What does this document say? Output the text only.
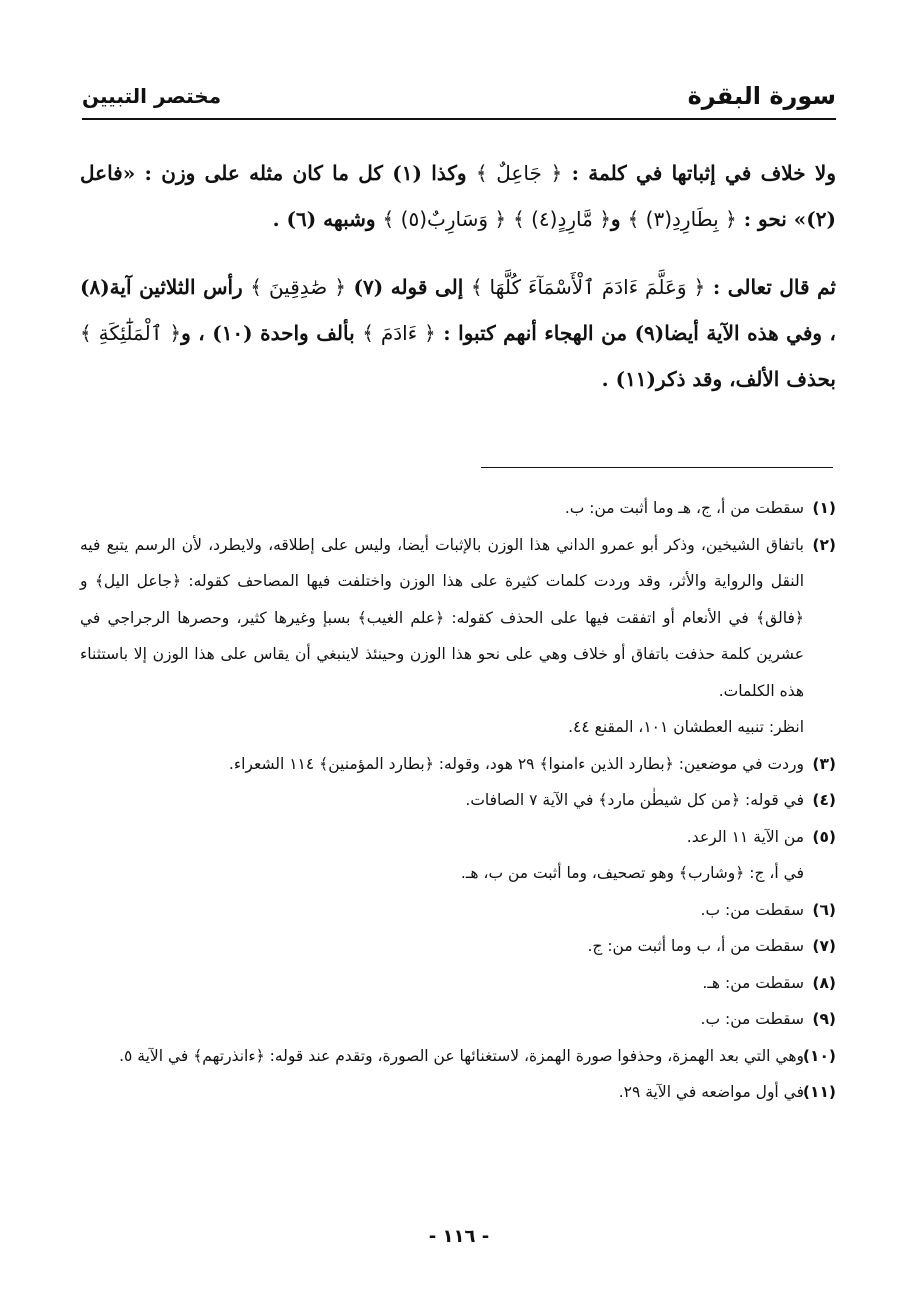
سورة البقرة
مختصر التبيين

ولا خلاف في إثباتها في كلمة : ﴿ جَاعِلٌ ﴾ وكذا (١) كل ما كان مثله على وزن : «فاعل (٢)» نحو : ﴿ بِطَارِدِ(٣) ﴾ و﴿ مَّارِدٍ(٤) ﴾ ﴿ وَسَارِبٌ(٥) ﴾ وشبهه (٦) .

ثم قال تعالى : ﴿ وَعَلَّمَ ءَادَمَ ٱلْأَسْمَآءَ كُلَّهَا ﴾ إلى قوله (٧) ﴿ صَٰدِقِينَ ﴾ رأس الثلاثين آية(٨) ، وفي هذه الآية أيضا(٩) من الهجاء أنهم كتبوا : ﴿ ءَادَمَ ﴾ بألف واحدة (١٠) ، و﴿ ٱلْمَلَٰٓئِكَةِ ﴾ بحذف الألف، وقد ذكر(١١) .

(١)
سقطت من أ، ج، هـ وما أثبت من: ب.
(٢)
باتفاق الشيخين، وذكر أبو عمرو الداني هذا الوزن بالإثبات أيضا، وليس على إطلاقه، ولايطرد، لأن الرسم يتبع فيه النقل والرواية والأثر، وقد وردت كلمات كثيرة على هذا الوزن واختلفت فيها المصاحف كقوله: ﴿جاعل اليل﴾ و ﴿فالق﴾ في الأنعام أو اتفقت فيها على الحذف كقوله: ﴿علم الغيب﴾ بسبإ وغيرها كثير، وحصرها الرجراجي في عشرين كلمة حذفت باتفاق أو خلاف وهي على نحو هذا الوزن وحينئذ لاينبغي أن يقاس على هذا الوزن إلا باستثناء هذه الكلمات.
انظر: تنبيه العطشان ١٠١، المقنع ٤٤.
(٣)
وردت في موضعين: ﴿بطارد الذين ءامنوا﴾ ٢٩ هود، وقوله: ﴿بطارد المؤمنين﴾ ١١٤ الشعراء.
(٤)
في قوله: ﴿من كل شيطٰن مارد﴾ في الآية ٧ الصافات.
(٥)
من الآية ١١ الرعد.
في أ، ج: ﴿وشارب﴾ وهو تصحيف، وما أثبت من ب، هـ.
(٦)
سقطت من: ب.
(٧)
سقطت من أ، ب وما أثبت من: ج.
(٨)
سقطت من: هـ.
(٩)
سقطت من: ب.
(١٠)
وهي التي بعد الهمزة، وحذفوا صورة الهمزة، لاستغنائها عن الصورة، وتقدم عند قوله: ﴿ءانذرتهم﴾ في الآية ٥.
(١١)
في أول مواضعه في الآية ٢٩.
- ١١٦ -
